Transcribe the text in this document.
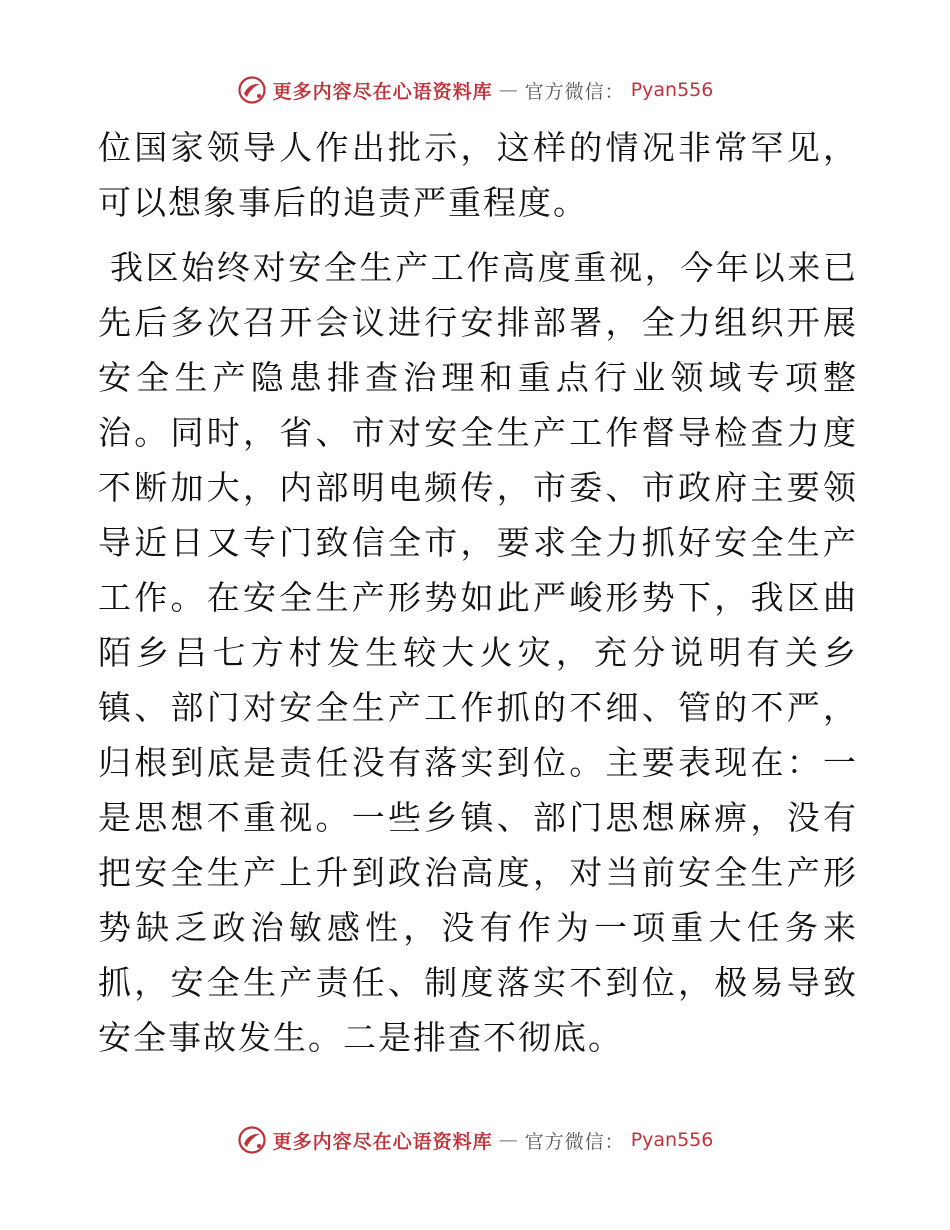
更多内容尽在心语资料库 — 官方微信： Pyan556

位国家领导人作出批示，这样的情况非常罕见，可以想象事后的追责严重程度。

我区始终对安全生产工作高度重视，今年以来已先后多次召开会议进行安排部署，全力组织开展安全生产隐患排查治理和重点行业领域专项整治。同时，省、市对安全生产工作督导检查力度不断加大，内部明电频传，市委、市政府主要领导近日又专门致信全市，要求全力抓好安全生产工作。在安全生产形势如此严峻形势下，我区曲陌乡吕七方村发生较大火灾，充分说明有关乡镇、部门对安全生产工作抓的不细、管的不严，归根到底是责任没有落实到位。主要表现在：一是思想不重视。一些乡镇、部门思想麻痹，没有把安全生产上升到政治高度，对当前安全生产形势缺乏政治敏感性，没有作为一项重大任务来抓，安全生产责任、制度落实不到位，极易导致安全事故发生。二是排查不彻底。

更多内容尽在心语资料库 — 官方微信： Pyan556
